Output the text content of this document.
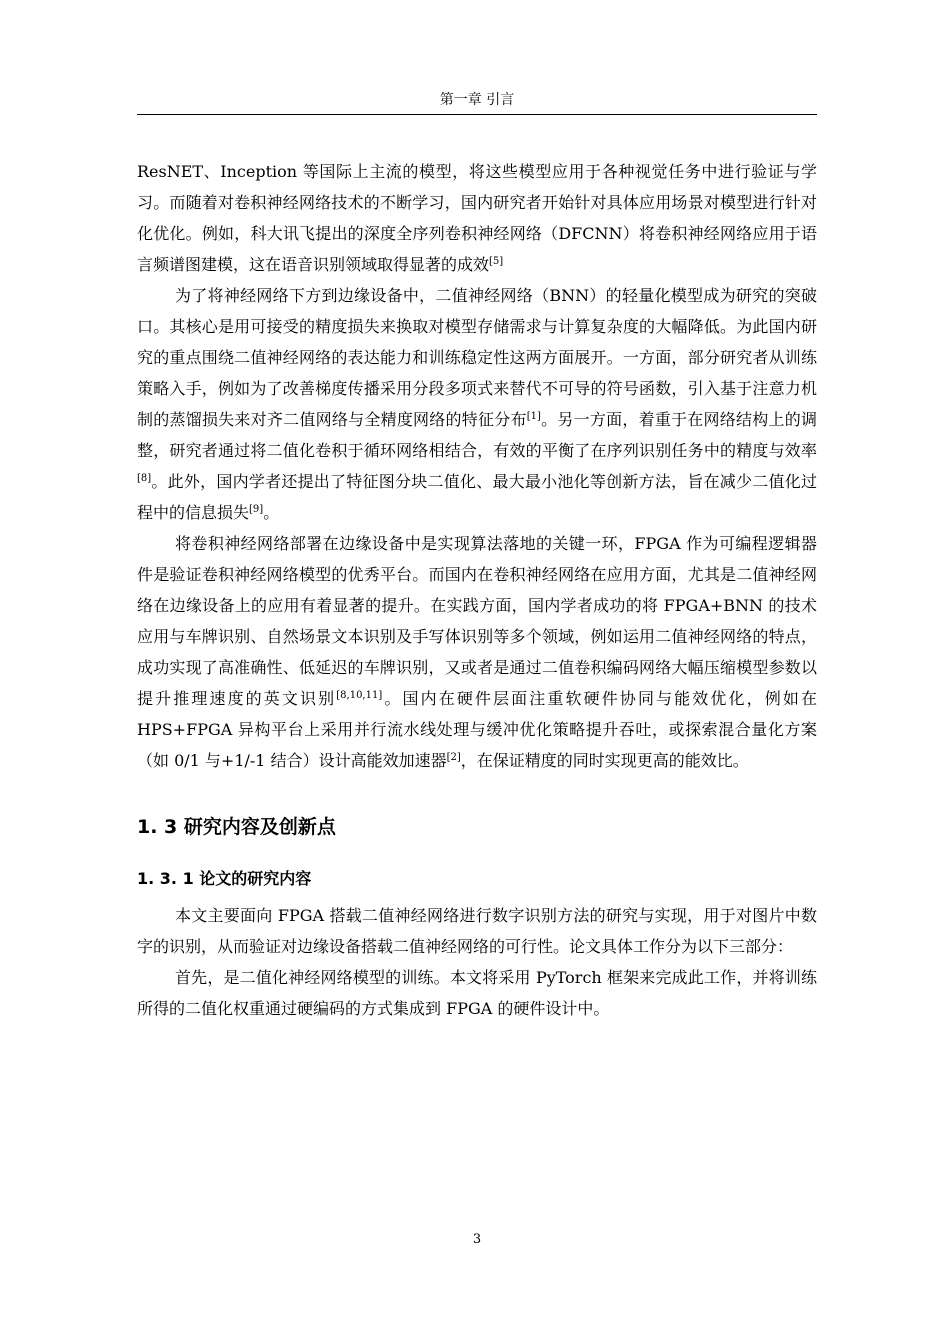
第一章 引言

ResNET、Inception 等国际上主流的模型，将这些模型应用于各种视觉任务中进行验证与学习。而随着对卷积神经网络技术的不断学习，国内研究者开始针对具体应用场景对模型进行针对化优化。例如，科大讯飞提出的深度全序列卷积神经网络（DFCNN）将卷积神经网络应用于语言频谱图建模，这在语音识别领域取得显著的成效[5]

为了将神经网络下方到边缘设备中，二值神经网络（BNN）的轻量化模型成为研究的突破口。其核心是用可接受的精度损失来换取对模型存储需求与计算复杂度的大幅降低。为此国内研究的重点围绕二值神经网络的表达能力和训练稳定性这两方面展开。一方面，部分研究者从训练策略入手，例如为了改善梯度传播采用分段多项式来替代不可导的符号函数，引入基于注意力机制的蒸馏损失来对齐二值网络与全精度网络的特征分布[1]。另一方面，着重于在网络结构上的调整，研究者通过将二值化卷积于循环网络相结合，有效的平衡了在序列识别任务中的精度与效率[8]。此外，国内学者还提出了特征图分块二值化、最大最小池化等创新方法，旨在减少二值化过程中的信息损失[9]。

将卷积神经网络部署在边缘设备中是实现算法落地的关键一环，FPGA 作为可编程逻辑器件是验证卷积神经网络模型的优秀平台。而国内在卷积神经网络在应用方面，尤其是二值神经网络在边缘设备上的应用有着显著的提升。在实践方面，国内学者成功的将 FPGA+BNN 的技术应用与车牌识别、自然场景文本识别及手写体识别等多个领域，例如运用二值神经网络的特点，成功实现了高准确性、低延迟的车牌识别，又或者是通过二值卷积编码网络大幅压缩模型参数以提升推理速度的英文识别[8,10,11]。国内在硬件层面注重软硬件协同与能效优化，例如在 HPS+FPGA 异构平台上采用并行流水线处理与缓冲优化策略提升吞吐，或探索混合量化方案（如 0/1 与+1/-1 结合）设计高能效加速器[2]，在保证精度的同时实现更高的能效比。

1. 3 研究内容及创新点
1. 3. 1 论文的研究内容

本文主要面向 FPGA 搭载二值神经网络进行数字识别方法的研究与实现，用于对图片中数字的识别，从而验证对边缘设备搭载二值神经网络的可行性。论文具体工作分为以下三部分：

首先，是二值化神经网络模型的训练。本文将采用 PyTorch 框架来完成此工作，并将训练所得的二值化权重通过硬编码的方式集成到 FPGA 的硬件设计中。

3
